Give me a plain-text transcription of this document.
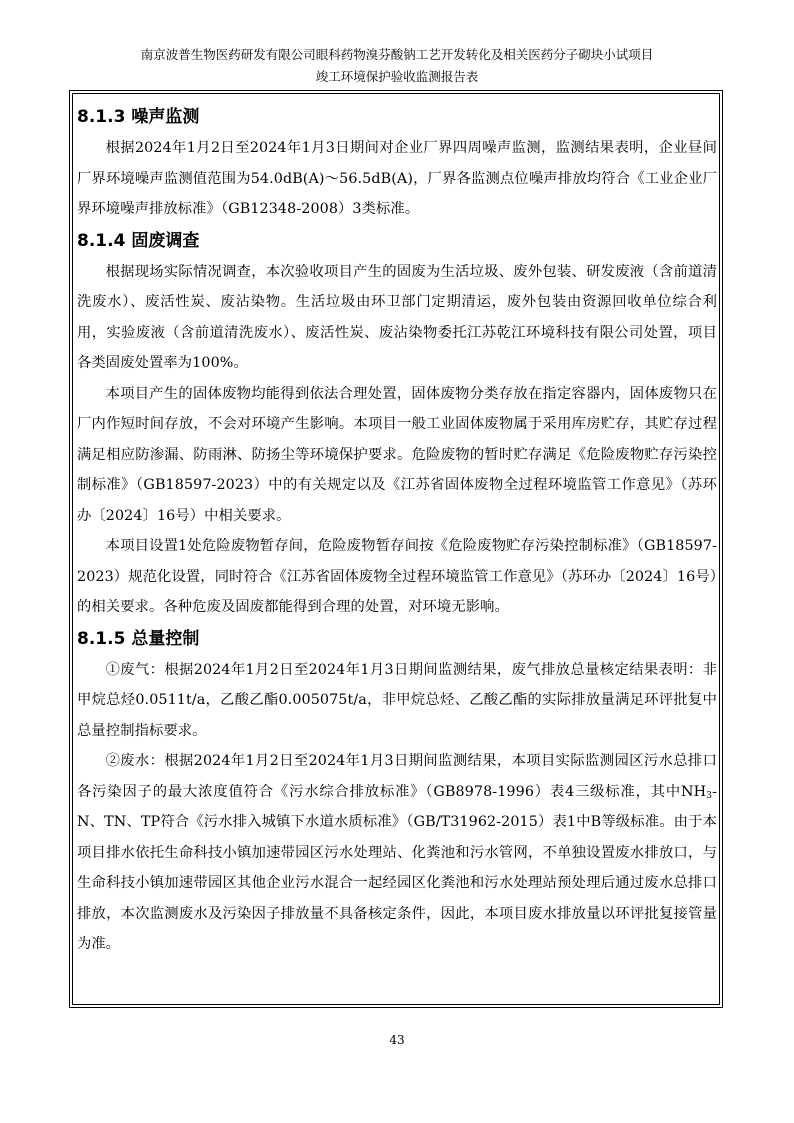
南京波普生物医药研发有限公司眼科药物溴芬酸钠工艺开发转化及相关医药分子砌块小试项目
竣工环境保护验收监测报告表
8.1.3 噪声监测

根据2024年1月2日至2024年1月3日期间对企业厂界四周噪声监测，监测结果表明，企业昼间厂界环境噪声监测值范围为54.0dB(A)～56.5dB(A)，厂界各监测点位噪声排放均符合《工业企业厂界环境噪声排放标准》（GB12348-2008）3类标准。

8.1.4 固废调查

根据现场实际情况调查，本次验收项目产生的固废为生活垃圾、废外包装、研发废液（含前道清洗废水）、废活性炭、废沾染物。生活垃圾由环卫部门定期清运，废外包装由资源回收单位综合利用，实验废液（含前道清洗废水）、废活性炭、废沾染物委托江苏乾江环境科技有限公司处置，项目各类固废处置率为100%。

本项目产生的固体废物均能得到依法合理处置，固体废物分类存放在指定容器内，固体废物只在厂内作短时间存放，不会对环境产生影响。本项目一般工业固体废物属于采用库房贮存，其贮存过程满足相应防渗漏、防雨淋、防扬尘等环境保护要求。危险废物的暂时贮存满足《危险废物贮存污染控制标准》（GB18597-2023）中的有关规定以及《江苏省固体废物全过程环境监管工作意见》（苏环办〔2024〕16号）中相关要求。

本项目设置1处危险废物暂存间，危险废物暂存间按《危险废物贮存污染控制标准》（GB18597-2023）规范化设置，同时符合《江苏省固体废物全过程环境监管工作意见》（苏环办〔2024〕16号）的相关要求。各种危废及固废都能得到合理的处置，对环境无影响。

8.1.5 总量控制

①废气：根据2024年1月2日至2024年1月3日期间监测结果，废气排放总量核定结果表明：非甲烷总烃0.0511t/a，乙酸乙酯0.005075t/a，非甲烷总烃、乙酸乙酯的实际排放量满足环评批复中总量控制指标要求。

②废水：根据2024年1月2日至2024年1月3日期间监测结果，本项目实际监测园区污水总排口各污染因子的最大浓度值符合《污水综合排放标准》（GB8978-1996）表4三级标准，其中$NH_3-N$、TN、TP符合《污水排入城镇下水道水质标准》（GB/T31962-2015）表1中B等级标准。由于本项目排水依托生命科技小镇加速带园区污水处理站、化粪池和污水管网，不单独设置废水排放口，与生命科技小镇加速带园区其他企业污水混合一起经园区化粪池和污水处理站预处理后通过废水总排口排放，本次监测废水及污染因子排放量不具备核定条件，因此，本项目废水排放量以环评批复接管量为准。

43
